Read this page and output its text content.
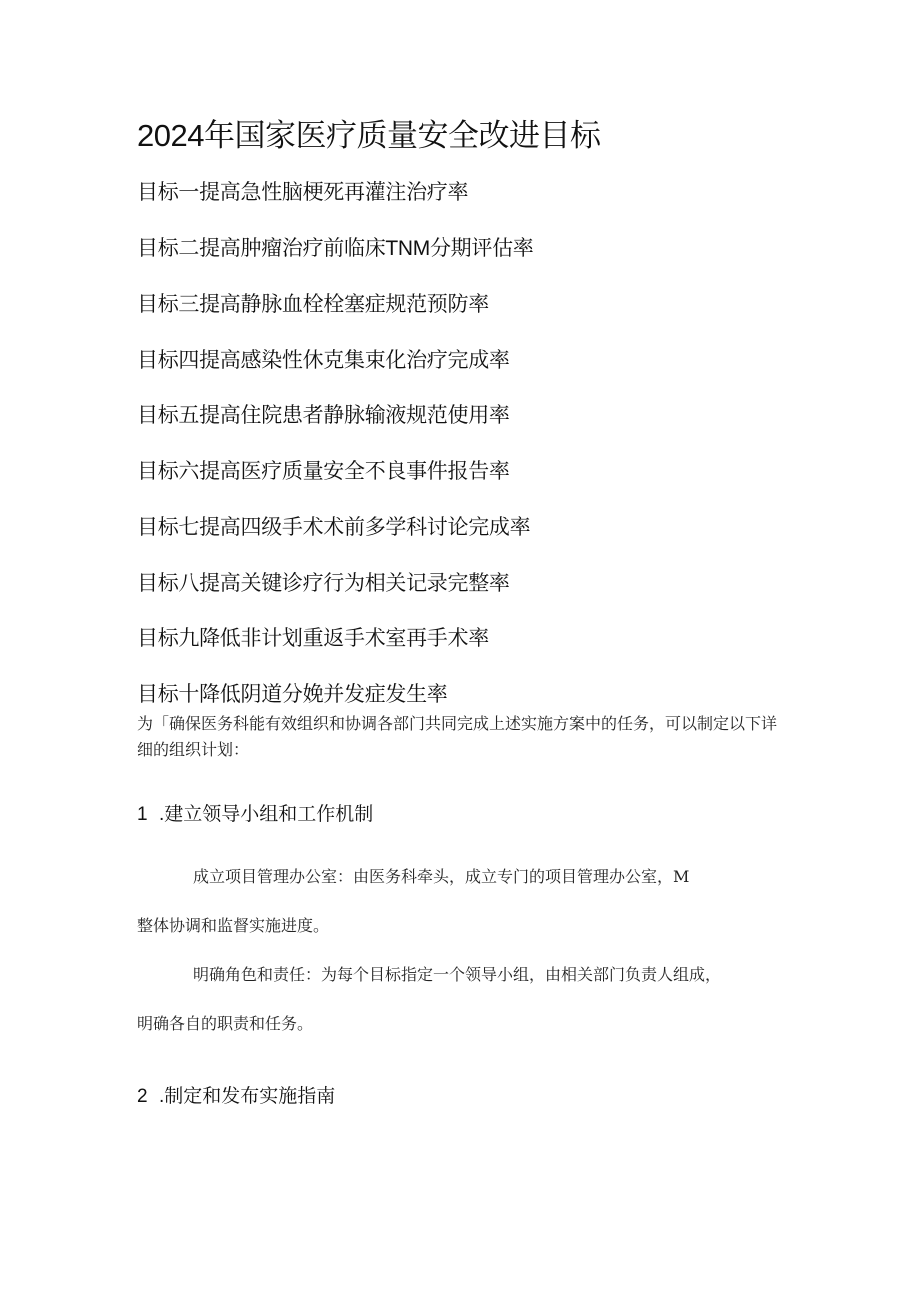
2024年国家医疗质量安全改进目标
目标一提高急性脑梗死再灌注治疗率
目标二提高肿瘤治疗前临床TNM分期评估率
目标三提高静脉血栓栓塞症规范预防率
目标四提高感染性休克集束化治疗完成率
目标五提高住院患者静脉输液规范使用率
目标六提高医疗质量安全不良事件报告率
目标七提高四级手术术前多学科讨论完成率
目标八提高关键诊疗行为相关记录完整率
目标九降低非计划重返手术室再手术率
目标十降低阴道分娩并发症发生率
为「确保医务科能有效组织和协调各部门共同完成上述实施方案中的任务，可以制定以下详细的组织计划：
1 .建立领导小组和工作机制
成立项目管理办公室：由医务科牵头，成立专门的项目管理办公室，M
整体协调和监督实施进度。
明确角色和责任：为每个目标指定一个领导小组，由相关部门负责人组成，
明确各自的职责和任务。
2 .制定和发布实施指南
